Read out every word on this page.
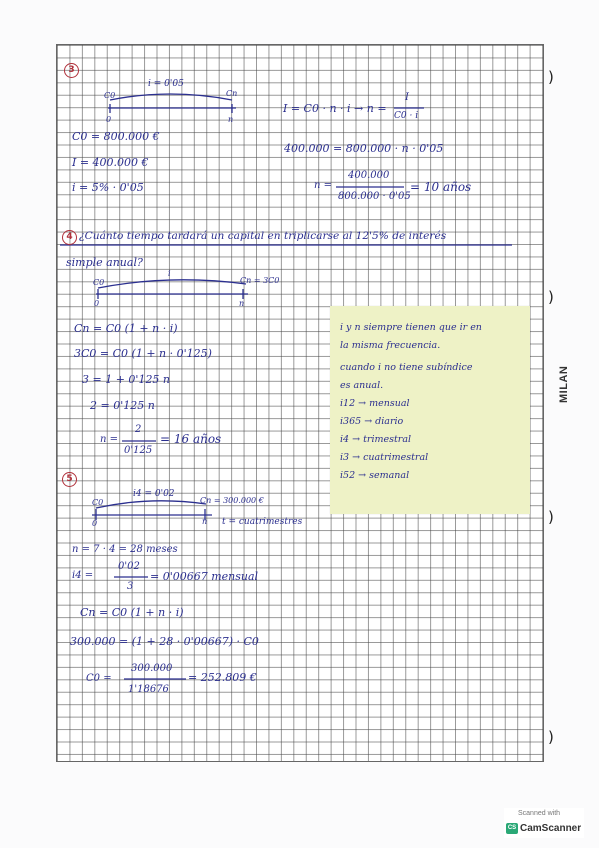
3
i = 0'05
C0	Cn
0	n
I = C0 · n · i → n =
I
C0 · i
C0 = 800.000 €
400.000 = 800.000 · n · 0'05
I = 400.000 €
i = 5% · 0'05	n =
400.000
800.000 · 0'05
= 10 años
4 ¿Cuánto tiempo tardará un capital en triplicarse al 12'5% de interés
simple anual?
C0
i
Cn = 3C0
0	n
Cn = C0 (1 + n · i)
3C0 = C0 (1 + n · 0'125)
3 = 1 + 0'125 n
2 = 0'125 n
n =
2
0'125
= 16 años
i y n siempre tienen que ir en
la misma frecuencia.
cuando i no tiene subíndice
es anual.
i12 → mensual
i365 → diario
i4 → trimestral
i3 → cuatrimestral
i52 → semanal
5
i4 = 0'02
C0	Cn = 300.000 €
0	n t = cuatrimestres
n = 7 · 4 = 28 meses
i4 =
0'02
3
= 0'00667 mensual
Cn = C0 (1 + n · i)
300.000 = (1 + 28 · 0'00667) · C0
C0 =
300.000
1'18676
= 252.809 €
)
)
)
)
MILAN
Scanned with
CS CamScanner
